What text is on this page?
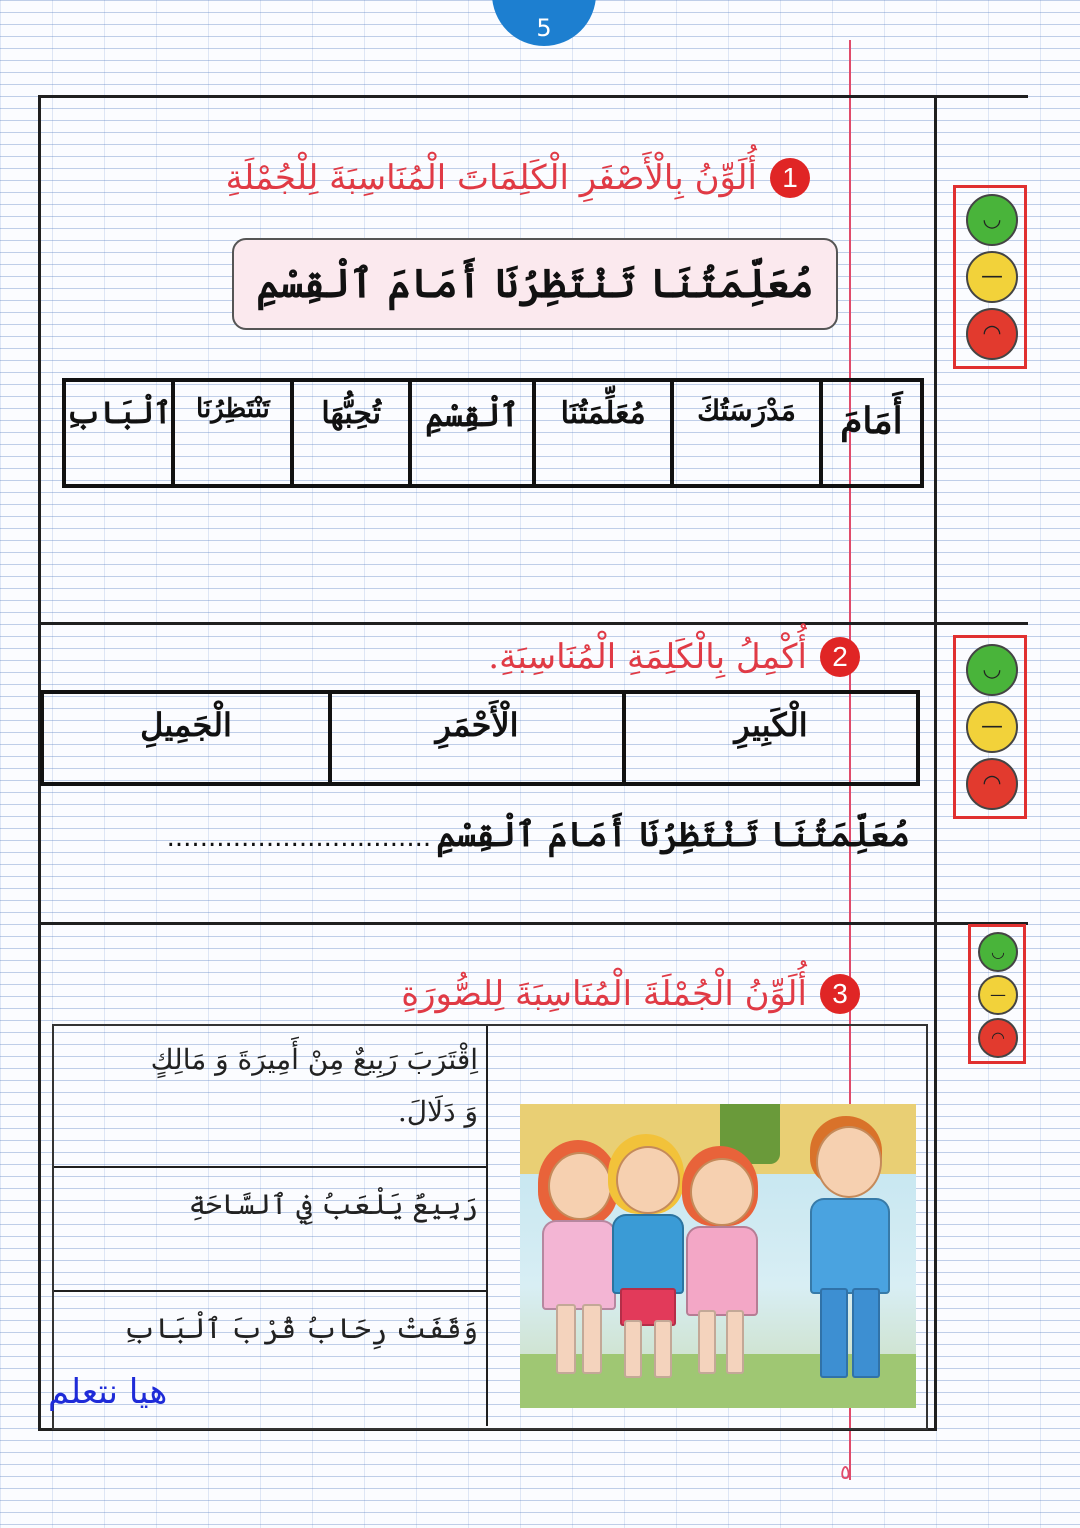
5
1 أُلَوِّنُ بِالْأَصْفَرِ الْكَلِمَاتَ الْمُنَاسِبَةَ لِلْجُمْلَةِ
مُعَلِّمَتُنَا تَنْتَظِرُنَا أَمَامَ ٱلْقِسْمِ
أَمَامَ	مَدْرَسَتُكَ	مُعَلِّمَتُنَا	ٱلْقِسْمِ	تُحِبُّهَا	تَنْتَظِرُنَا	ٱلْبَابِ
◡
—
◠
2 أُكْمِلُ بِالْكَلِمَةِ الْمُنَاسِبَةِ.
الْكَبِيرِ	الْأَحْمَرِ	الْجَمِيلِ
مُعَلِّمَتُنَا تَنْتَظِرُنَا أَمَامَ ٱلْقِسْمِ ................................
◡
—
◠
3 أُلَوِّنُ الْجُمْلَةَ الْمُنَاسِبَةَ لِلصُّورَةِ
اِقْتَرَبَ رَبِيعٌ مِنْ أَمِيرَةَ وَ مَالِكٍ
وَ دَلَالَ.
رَبِيعٌ يَلْعَبُ فِي ٱلسَّاحَةِ
وَقَفَتْ رِحَابُ قُرْبَ ٱلْبَابِ
◡
—
◠
هيا نتعلم
٥
